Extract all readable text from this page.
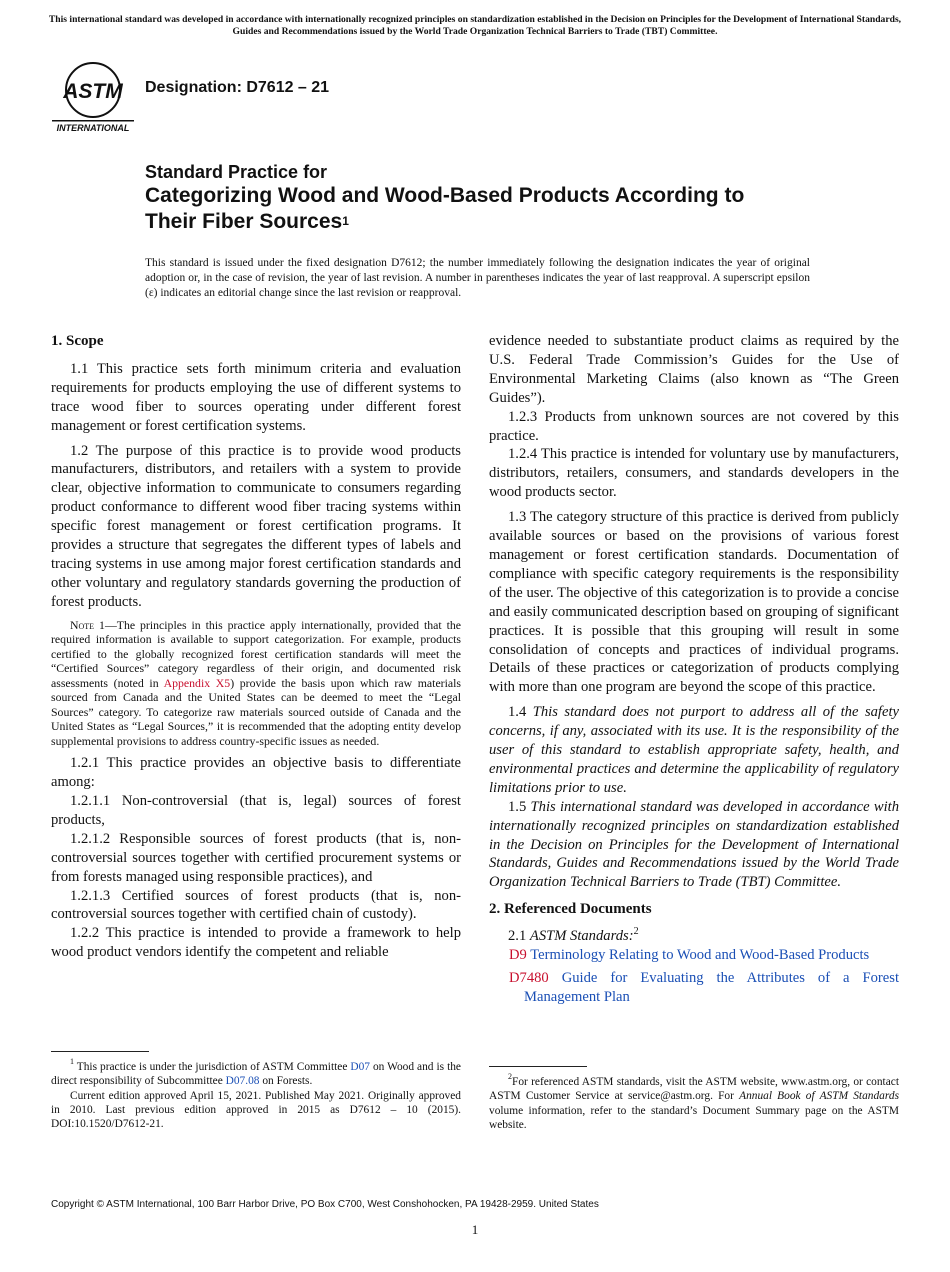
This international standard was developed in accordance with internationally recognized principles on standardization established in the Decision on Principles for the Development of International Standards, Guides and Recommendations issued by the World Trade Organization Technical Barriers to Trade (TBT) Committee.
ASTM
INTERNATIONAL
Designation: D7612 – 21
Standard Practice for
Categorizing Wood and Wood-Based Products According to
Their Fiber Sources$^1$
This standard is issued under the fixed designation D7612; the number immediately following the designation indicates the year of original adoption or, in the case of revision, the year of last revision. A number in parentheses indicates the year of last reapproval. A superscript epsilon (ε) indicates an editorial change since the last revision or reapproval.
1. Scope

1.1 This practice sets forth minimum criteria and evaluation requirements for products employing the use of different systems to trace wood fiber to sources operating under different forest management or forest certification systems.

1.2 The purpose of this practice is to provide wood products manufacturers, distributors, and retailers with a system to provide clear, objective information to communicate to consumers regarding product conformance to different wood fiber tracing systems within specific forest management or forest certification programs. It provides a structure that segregates the different types of labels and tracing systems in use among major forest certification standards and other voluntary and regulatory standards governing the production of forest products.

Note 1—The principles in this practice apply internationally, provided that the required information is available to support categorization. For example, products certified to the globally recognized forest certification standards will meet the “Certified Sources” category regardless of their origin, and documented risk assessments (noted in Appendix X5) provide the basis upon which raw materials sourced from Canada and the United States can be deemed to meet the “Legal Sources” category. To categorize raw materials sourced outside of Canada and the United States as “Legal Sources,” it is recommended that the adopting entity develop supplemental provisions to address country-specific issues as needed.

1.2.1 This practice provides an objective basis to differentiate among:

1.2.1.1 Non-controversial (that is, legal) sources of forest products,

1.2.1.2 Responsible sources of forest products (that is, non-controversial sources together with certified procurement systems or from forests managed using responsible practices), and

1.2.1.3 Certified sources of forest products (that is, non-controversial sources together with certified chain of custody).

1.2.2 This practice is intended to provide a framework to help wood product vendors identify the competent and reliable

evidence needed to substantiate product claims as required by the U.S. Federal Trade Commission’s Guides for the Use of Environmental Marketing Claims (also known as “The Green Guides”).

1.2.3 Products from unknown sources are not covered by this practice.

1.2.4 This practice is intended for voluntary use by manufacturers, distributors, retailers, consumers, and standards developers in the wood products sector.

1.3 The category structure of this practice is derived from publicly available sources or based on the provisions of various forest management or forest certification standards. Documentation of compliance with specific category requirements is the responsibility of the user. The objective of this categorization is to provide a concise and easily communicated description based on grouping of significant practices. It is possible that this grouping will result in some consolidation of concepts and practices of individual programs. Details of these practices or categorization of products complying with more than one program are beyond the scope of this practice.

1.4 This standard does not purport to address all of the safety concerns, if any, associated with its use. It is the responsibility of the user of this standard to establish appropriate safety, health, and environmental practices and determine the applicability of regulatory limitations prior to use.

1.5 This international standard was developed in accordance with internationally recognized principles on standardization established in the Decision on Principles for the Development of International Standards, Guides and Recommendations issued by the World Trade Organization Technical Barriers to Trade (TBT) Committee.

2. Referenced Documents

2.1 ASTM Standards:$^2$

D9 Terminology Relating to Wood and Wood-Based Products
D7480 Guide for Evaluating the Attributes of a Forest Management Plan

$^1$ This practice is under the jurisdiction of ASTM Committee D07 on Wood and is the direct responsibility of Subcommittee D07.08 on Forests.

Current edition approved April 15, 2021. Published May 2021. Originally approved in 2010. Last previous edition approved in 2015 as D7612 – 10 (2015). DOI:10.1520/D7612-21.

$^2$For referenced ASTM standards, visit the ASTM website, www.astm.org, or contact ASTM Customer Service at service@astm.org. For Annual Book of ASTM Standards volume information, refer to the standard’s Document Summary page on the ASTM website.

Copyright © ASTM International, 100 Barr Harbor Drive, PO Box C700, West Conshohocken, PA 19428-2959. United States
1
